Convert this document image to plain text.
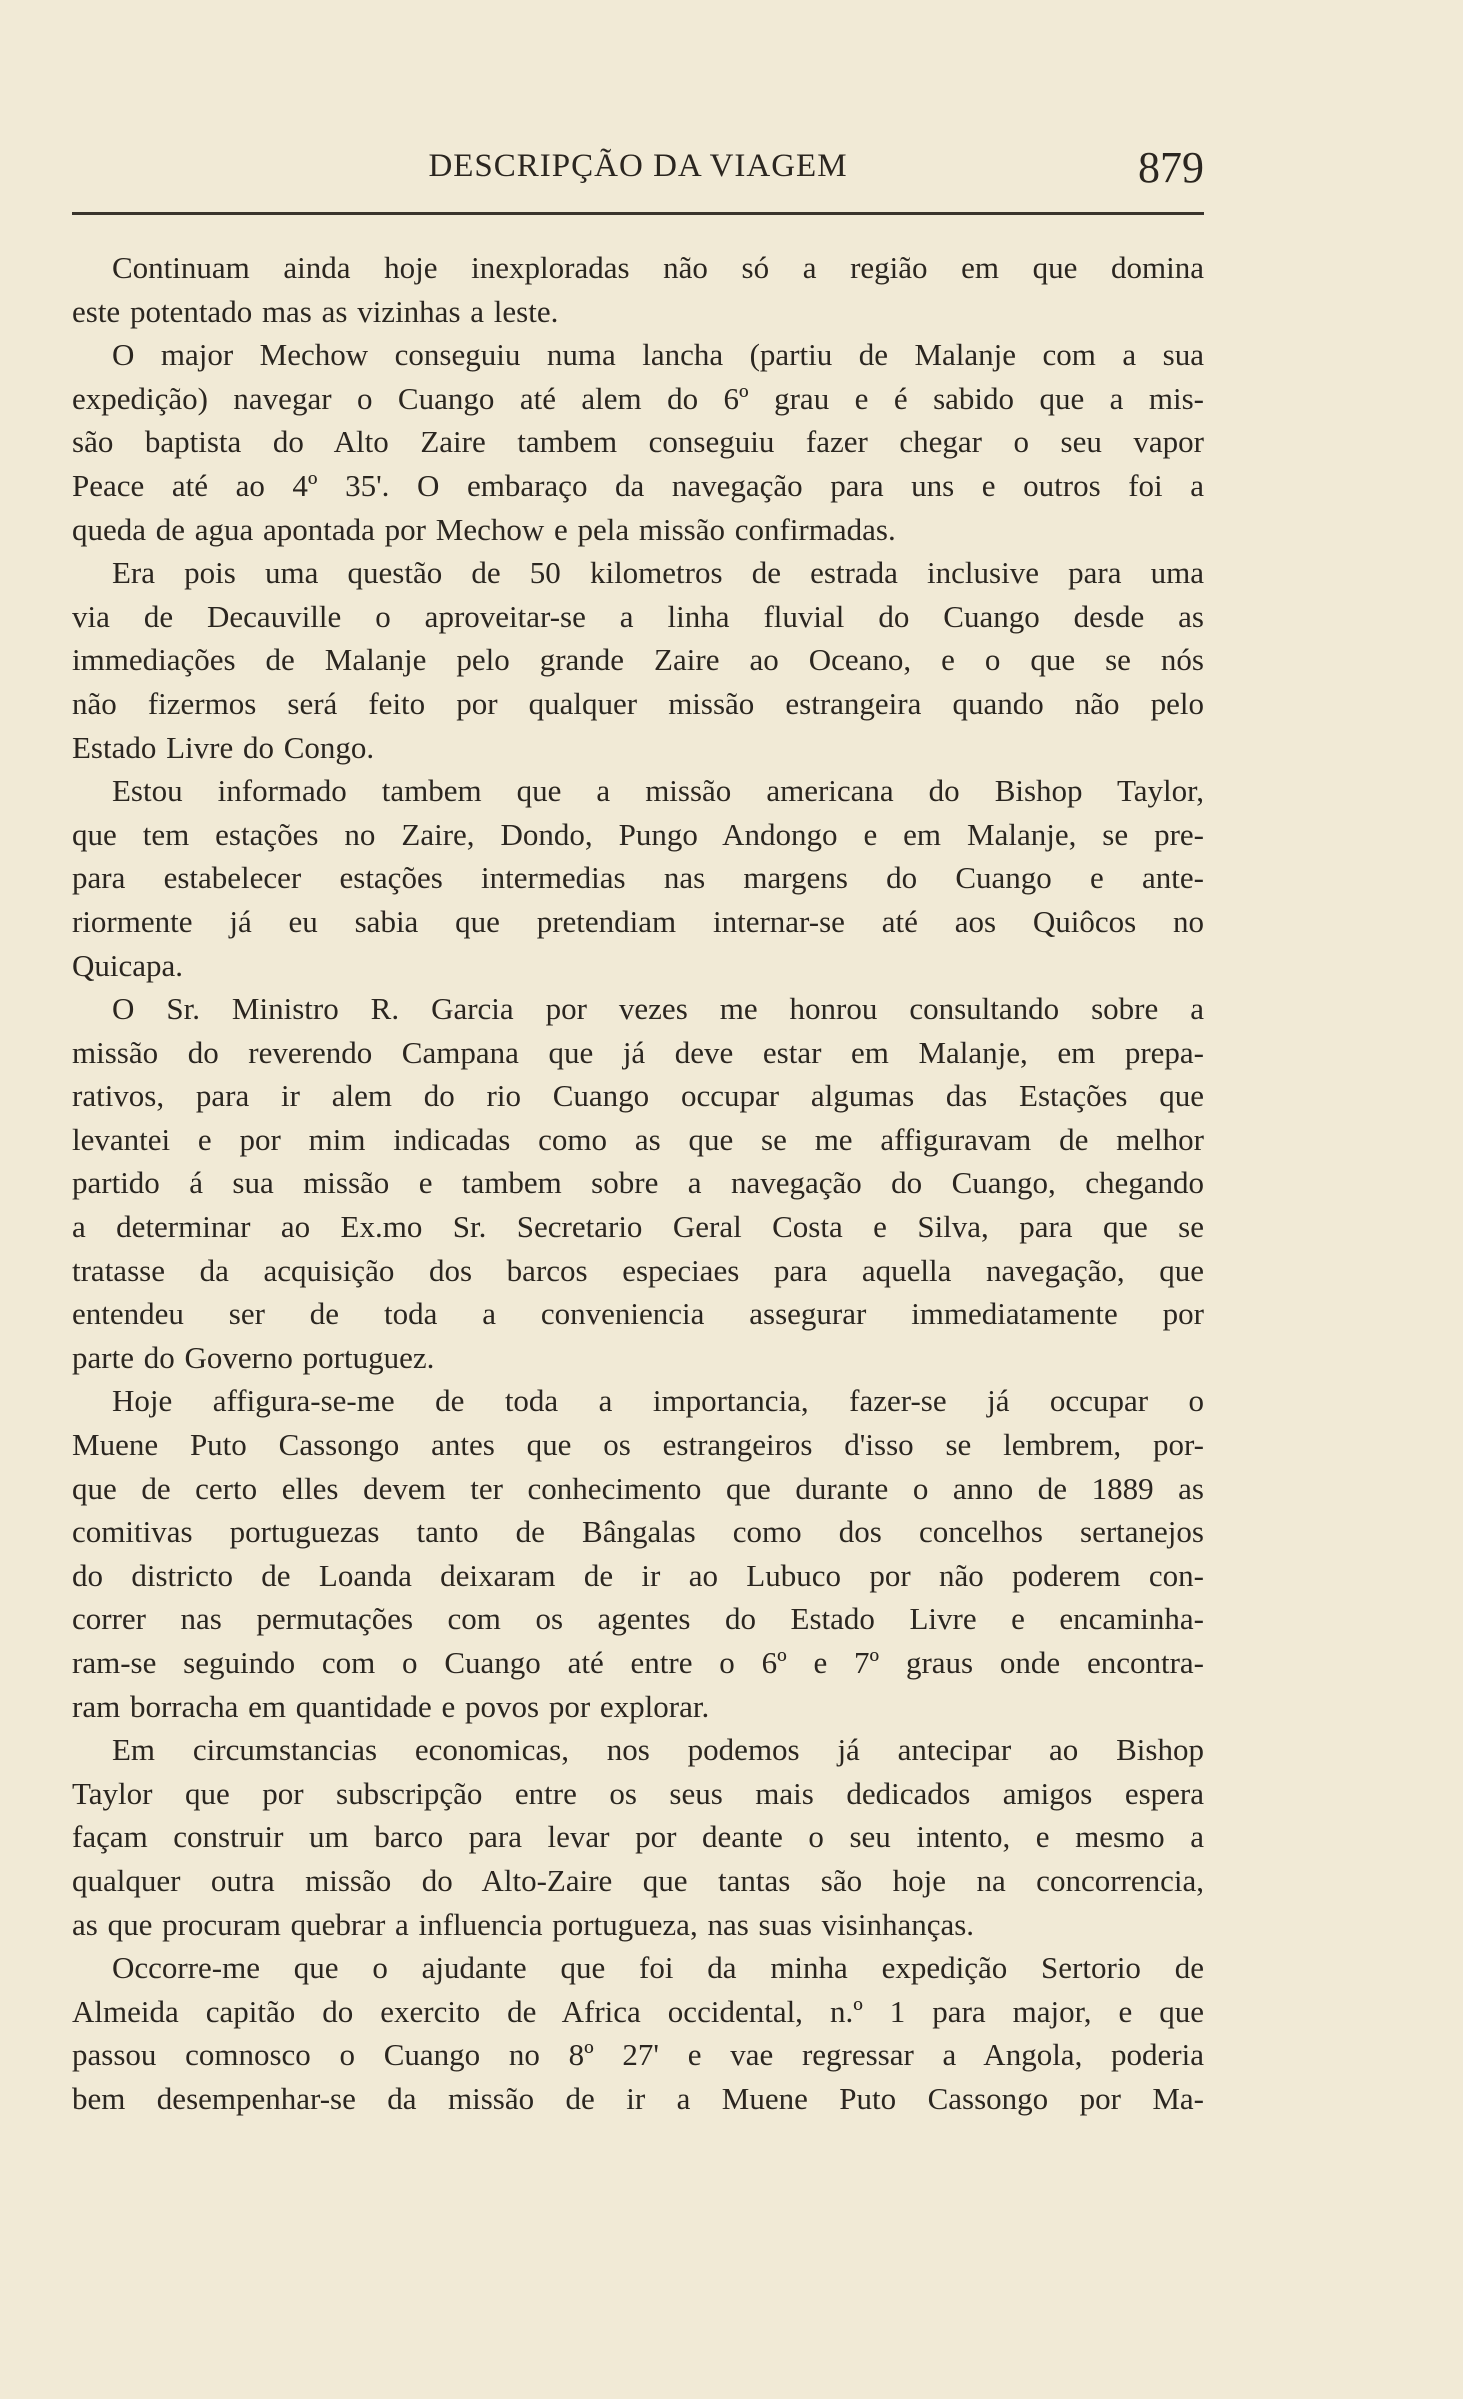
DESCRIPÇÃO DA VIAGEM	879
Continuam ainda hoje inexploradas não só a região em que domina
este potentado mas as vizinhas a leste.
O major Mechow conseguiu numa lancha (partiu de Malanje com a sua
expedição) navegar o Cuango até alem do 6º grau e é sabido que a mis-
são baptista do Alto Zaire tambem conseguiu fazer chegar o seu vapor
Peace até ao 4º 35'. O embaraço da navegação para uns e outros foi a
queda de agua apontada por Mechow e pela missão confirmadas.
Era pois uma questão de 50 kilometros de estrada inclusive para uma
via de Decauville o aproveitar-se a linha fluvial do Cuango desde as
immediações de Malanje pelo grande Zaire ao Oceano, e o que se nós
não fizermos será feito por qualquer missão estrangeira quando não pelo
Estado Livre do Congo.
Estou informado tambem que a missão americana do Bishop Taylor,
que tem estações no Zaire, Dondo, Pungo Andongo e em Malanje, se pre-
para estabelecer estações intermedias nas margens do Cuango e ante-
riormente já eu sabia que pretendiam internar-se até aos Quiôcos no
Quicapa.
O Sr. Ministro R. Garcia por vezes me honrou consultando sobre a
missão do reverendo Campana que já deve estar em Malanje, em prepa-
rativos, para ir alem do rio Cuango occupar algumas das Estações que
levantei e por mim indicadas como as que se me affiguravam de melhor
partido á sua missão e tambem sobre a navegação do Cuango, chegando
a determinar ao Ex.mo Sr. Secretario Geral Costa e Silva, para que se
tratasse da acquisição dos barcos especiaes para aquella navegação, que
entendeu ser de toda a conveniencia assegurar immediatamente por
parte do Governo portuguez.
Hoje affigura-se-me de toda a importancia, fazer-se já occupar o
Muene Puto Cassongo antes que os estrangeiros d'isso se lembrem, por-
que de certo elles devem ter conhecimento que durante o anno de 1889 as
comitivas portuguezas tanto de Bângalas como dos concelhos sertanejos
do districto de Loanda deixaram de ir ao Lubuco por não poderem con-
correr nas permutações com os agentes do Estado Livre e encaminha-
ram-se seguindo com o Cuango até entre o 6º e 7º graus onde encontra-
ram borracha em quantidade e povos por explorar.
Em circumstancias economicas, nos podemos já antecipar ao Bishop
Taylor que por subscripção entre os seus mais dedicados amigos espera
façam construir um barco para levar por deante o seu intento, e mesmo a
qualquer outra missão do Alto-Zaire que tantas são hoje na concorrencia,
as que procuram quebrar a influencia portugueza, nas suas visinhanças.
Occorre-me que o ajudante que foi da minha expedição Sertorio de
Almeida capitão do exercito de Africa occidental, n.º 1 para major, e que
passou comnosco o Cuango no 8º 27' e vae regressar a Angola, poderia
bem desempenhar-se da missão de ir a Muene Puto Cassongo por Ma-
